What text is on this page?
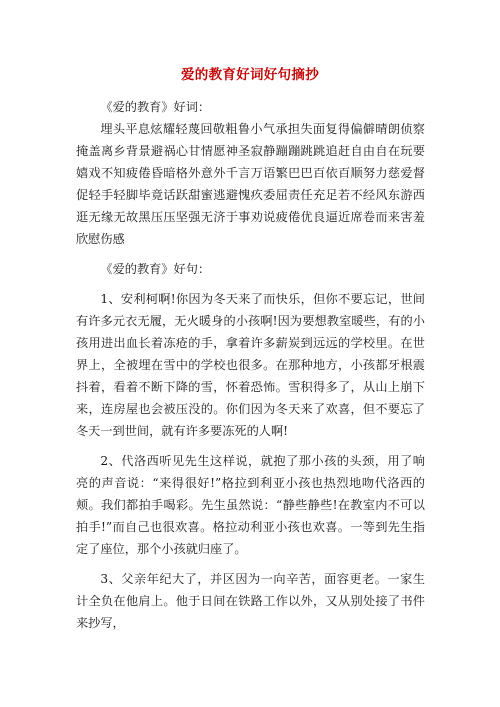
爱的教育好词好句摘抄

《爱的教育》好词：

埋头平息炫耀轻蔑回敬粗鲁小气承担失面复得偏僻晴朗侦察掩盖离乡背景避祸心甘情愿神圣寂静蹦蹦跳跳追赶自由自在玩要嬉戏不知疲倦昏暗格外意外千言万语繁巴巴百依百顺努力慈爱督促轻手轻脚毕竟话跃甜蜜逃避愧疚委屈责任充足若不经风东游西逛无缘无故黑压压坚强无济于事劝说疲倦优良逼近席卷而来害羞欣慰伤感

《爱的教育》好句：

1、安利柯啊!你因为冬天来了而快乐，但你不要忘记，世间有许多元衣无履，无火暖身的小孩啊!因为要想教室暖些，有的小孩用进出血长着冻疮的手，拿着许多薪炭到远远的学校里。在世界上，全被埋在雪中的学校也很多。在那种地方，小孩都牙根震抖着，看着不断下降的雪，怀着恐怖。雪积得多了，从山上崩下来，连房屋也会被压没的。你们因为冬天来了欢喜，但不要忘了冬天一到世间，就有许多要冻死的人啊!

2、代洛西听见先生这样说，就抱了那小孩的头颈，用了响亮的声音说：“来得很好!”格拉到利亚小孩也热烈地吻代洛西的颊。我们都拍手喝彩。先生虽然说：“静些静些!在教室内不可以拍手!”而自己也很欢喜。格拉动利亚小孩也欢喜。一等到先生指定了座位，那个小孩就归座了。

3、父亲年纪大了，并区因为一向辛苦，面容更老。一家生计全负在他肩上。他于日间在铁路工作以外，又从别处接了书件来抄写，
